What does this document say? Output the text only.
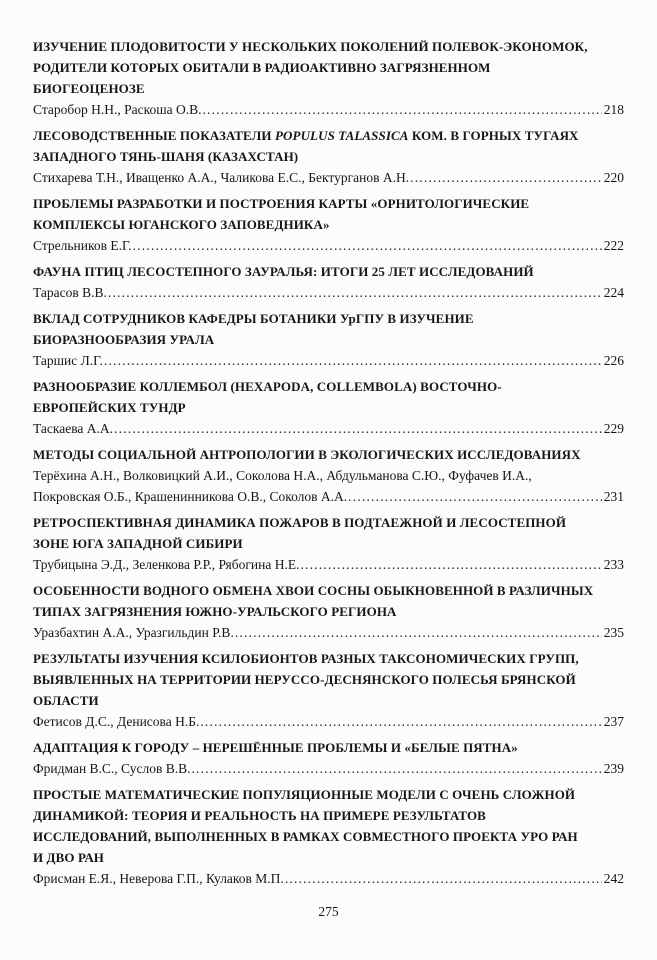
ИЗУЧЕНИЕ ПЛОДОВИТОСТИ У НЕСКОЛЬКИХ ПОКОЛЕНИЙ ПОЛЕВОК-ЭКОНОМОК,
РОДИТЕЛИ КОТОРЫХ ОБИТАЛИ В РАДИОАКТИВНО ЗАГРЯЗНЕННОМ
БИОГЕОЦЕНОЗЕ
Старобор Н.Н., Раскоша О.В. .....	218
ЛЕСОВОДСТВЕННЫЕ ПОКАЗАТЕЛИ POPULUS TALASSICA КОМ. В ГОРНЫХ ТУГАЯХ
ЗАПАДНОГО ТЯНЬ-ШАНЯ (КАЗАХСТАН)
Стихарева Т.Н., Иващенко А.А., Чаликова Е.С., Бектурганов А.Н. .....	220
ПРОБЛЕМЫ РАЗРАБОТКИ И ПОСТРОЕНИЯ КАРТЫ «ОРНИТОЛОГИЧЕСКИЕ
КОМПЛЕКСЫ ЮГАНСКОГО ЗАПОВЕДНИКА»
Стрельников Е.Г. .....	222
ФАУНА ПТИЦ ЛЕСОСТЕПНОГО ЗАУРАЛЬЯ: ИТОГИ 25 ЛЕТ ИССЛЕДОВАНИЙ
Тарасов В.В. .....	224
ВКЛАД СОТРУДНИКОВ КАФЕДРЫ БОТАНИКИ УрГПУ В ИЗУЧЕНИЕ
БИОРАЗНООБРАЗИЯ УРАЛА
Таршис Л.Г. .....	226
РАЗНООБРАЗИЕ КОЛЛЕМБОЛ (HEXAPODA, COLLEMBOLA) ВОСТОЧНО-
ЕВРОПЕЙСКИХ ТУНДР
Таскаева А.А. .....	229
МЕТОДЫ СОЦИАЛЬНОЙ АНТРОПОЛОГИИ В ЭКОЛОГИЧЕСКИХ ИССЛЕДОВАНИЯХ
Терёхина А.Н., Волковицкий А.И., Соколова Н.А., Абдульманова С.Ю., Фуфачев И.А.,
Покровская О.Б., Крашенинникова О.В., Соколов А.А. .....	231
РЕТРОСПЕКТИВНАЯ ДИНАМИКА ПОЖАРОВ В ПОДТАЕЖНОЙ И ЛЕСОСТЕПНОЙ
ЗОНЕ ЮГА ЗАПАДНОЙ СИБИРИ
Трубицына Э.Д., Зеленкова Р.Р., Рябогина Н.Е. .....	233
ОСОБЕННОСТИ ВОДНОГО ОБМЕНА ХВОИ СОСНЫ ОБЫКНОВЕННОЙ В РАЗЛИЧНЫХ
ТИПАХ ЗАГРЯЗНЕНИЯ ЮЖНО-УРАЛЬСКОГО РЕГИОНА
Уразбахтин А.А., Уразгильдин Р.В. .....	235
РЕЗУЛЬТАТЫ ИЗУЧЕНИЯ КСИЛОБИОНТОВ РАЗНЫХ ТАКСОНОМИЧЕСКИХ ГРУПП,
ВЫЯВЛЕННЫХ НА ТЕРРИТОРИИ НЕРУССО-ДЕСНЯНСКОГО ПОЛЕСЬЯ БРЯНСКОЙ
ОБЛАСТИ
Фетисов Д.С., Денисова Н.Б. .....	237
АДАПТАЦИЯ К ГОРОДУ – НЕРЕШЁННЫЕ ПРОБЛЕМЫ И «БЕЛЫЕ ПЯТНА»
Фридман В.С., Суслов В.В. .....	239
ПРОСТЫЕ МАТЕМАТИЧЕСКИЕ ПОПУЛЯЦИОННЫЕ МОДЕЛИ С ОЧЕНЬ СЛОЖНОЙ
ДИНАМИКОЙ: ТЕОРИЯ И РЕАЛЬНОСТЬ НА ПРИМЕРЕ РЕЗУЛЬТАТОВ
ИССЛЕДОВАНИЙ, ВЫПОЛНЕННЫХ В РАМКАХ СОВМЕСТНОГО ПРОЕКТА УРО РАН
И ДВО РАН
Фрисман Е.Я., Неверова Г.П., Кулаков М.П. .....	242
275
